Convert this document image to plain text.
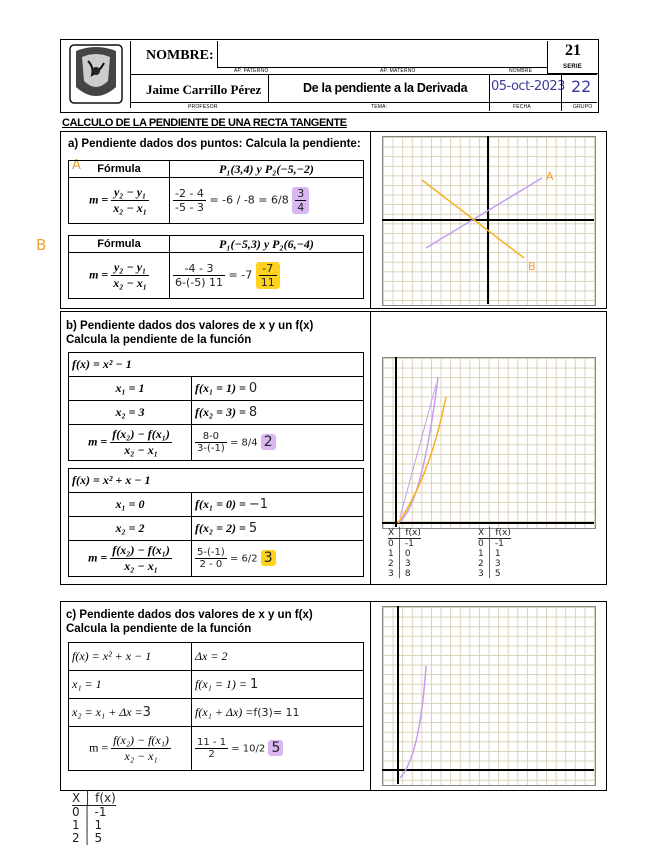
NOMBRE:
AP. PATERNO	AP. MATERNO	NOMBRE
21
SERIE
Jaime Carrillo Pérez	De la pendiente a la Derivada 05-oct-2023 22
PROFESOR	TEMA:	FECHA	GRUPO
CALCULO DE LA PENDIENTE DE UNA RECTA TANGENTE
a) Pendiente dados dos puntos: Calcula la pendiente:
A
B
Fórmula	P₁(3,4) y P₂(−5,−2)
$m = \frac{\text{y₂ − y₁}}{\text{x₂ − x₁}}$	$\frac{-2 - 4}{-5 - 3} = -6 / -8 = 6/8 \frac{3}{4}$
Fórmula	P₁(−5,3) y P₂(6,−4)
$m = \frac{\text{y₂ − y₁}}{\text{x₂ − x₁}}$	$\frac{-4 - 3}{6-(-5) 11} = -7 \frac{-7}{11}$
A
B
b) Pendiente dados dos valores de x y un f(x)
Calcula la pendiente de la función
f(x) = x² − 1	
x₁ = 1	f(x₁ = 1) = 0
x₂ = 3	f(x₂ = 3) = 8
$m = \frac{\text{f(x₂) − f(x₁)}}{\text{x₂ − x₁}}$	$\frac{8-0}{3-(-1)} = 8/4$ 2
f(x) = x² + x − 1	
x₁ = 0	f(x₁ = 0) = −1
x₂ = 2	f(x₂ = 2) = 5
$m = \frac{\text{f(x₂) − f(x₁)}}{\text{x₂ − x₁}}$	$\frac{5-(-1)}{2 - 0} = 6/2$ 3
X │ f(x)
0 │ -1
1 │ 0
2 │ 3
3 │ 8
X │ f(x)
0 │ -1
1 │ 1
2 │ 3
3 │ 5
c) Pendiente dados dos valores de x y un f(x)
Calcula la pendiente de la función
f(x) = x² + x − 1	Δx = 2
x₁ = 1	f(x₁ = 1) = 1
x₂ = x₁ + Δx =3	f(x₁ + Δx) =f(3)= 11
$m = \frac{\text{f(x₂) − f(x₁)}}{\text{x₂ − x₁}}$	$\frac{11 - 1}{2} = 10/2$ 5
X │ f(x)
0 │ -1
1 │ 1
2 │ 5
